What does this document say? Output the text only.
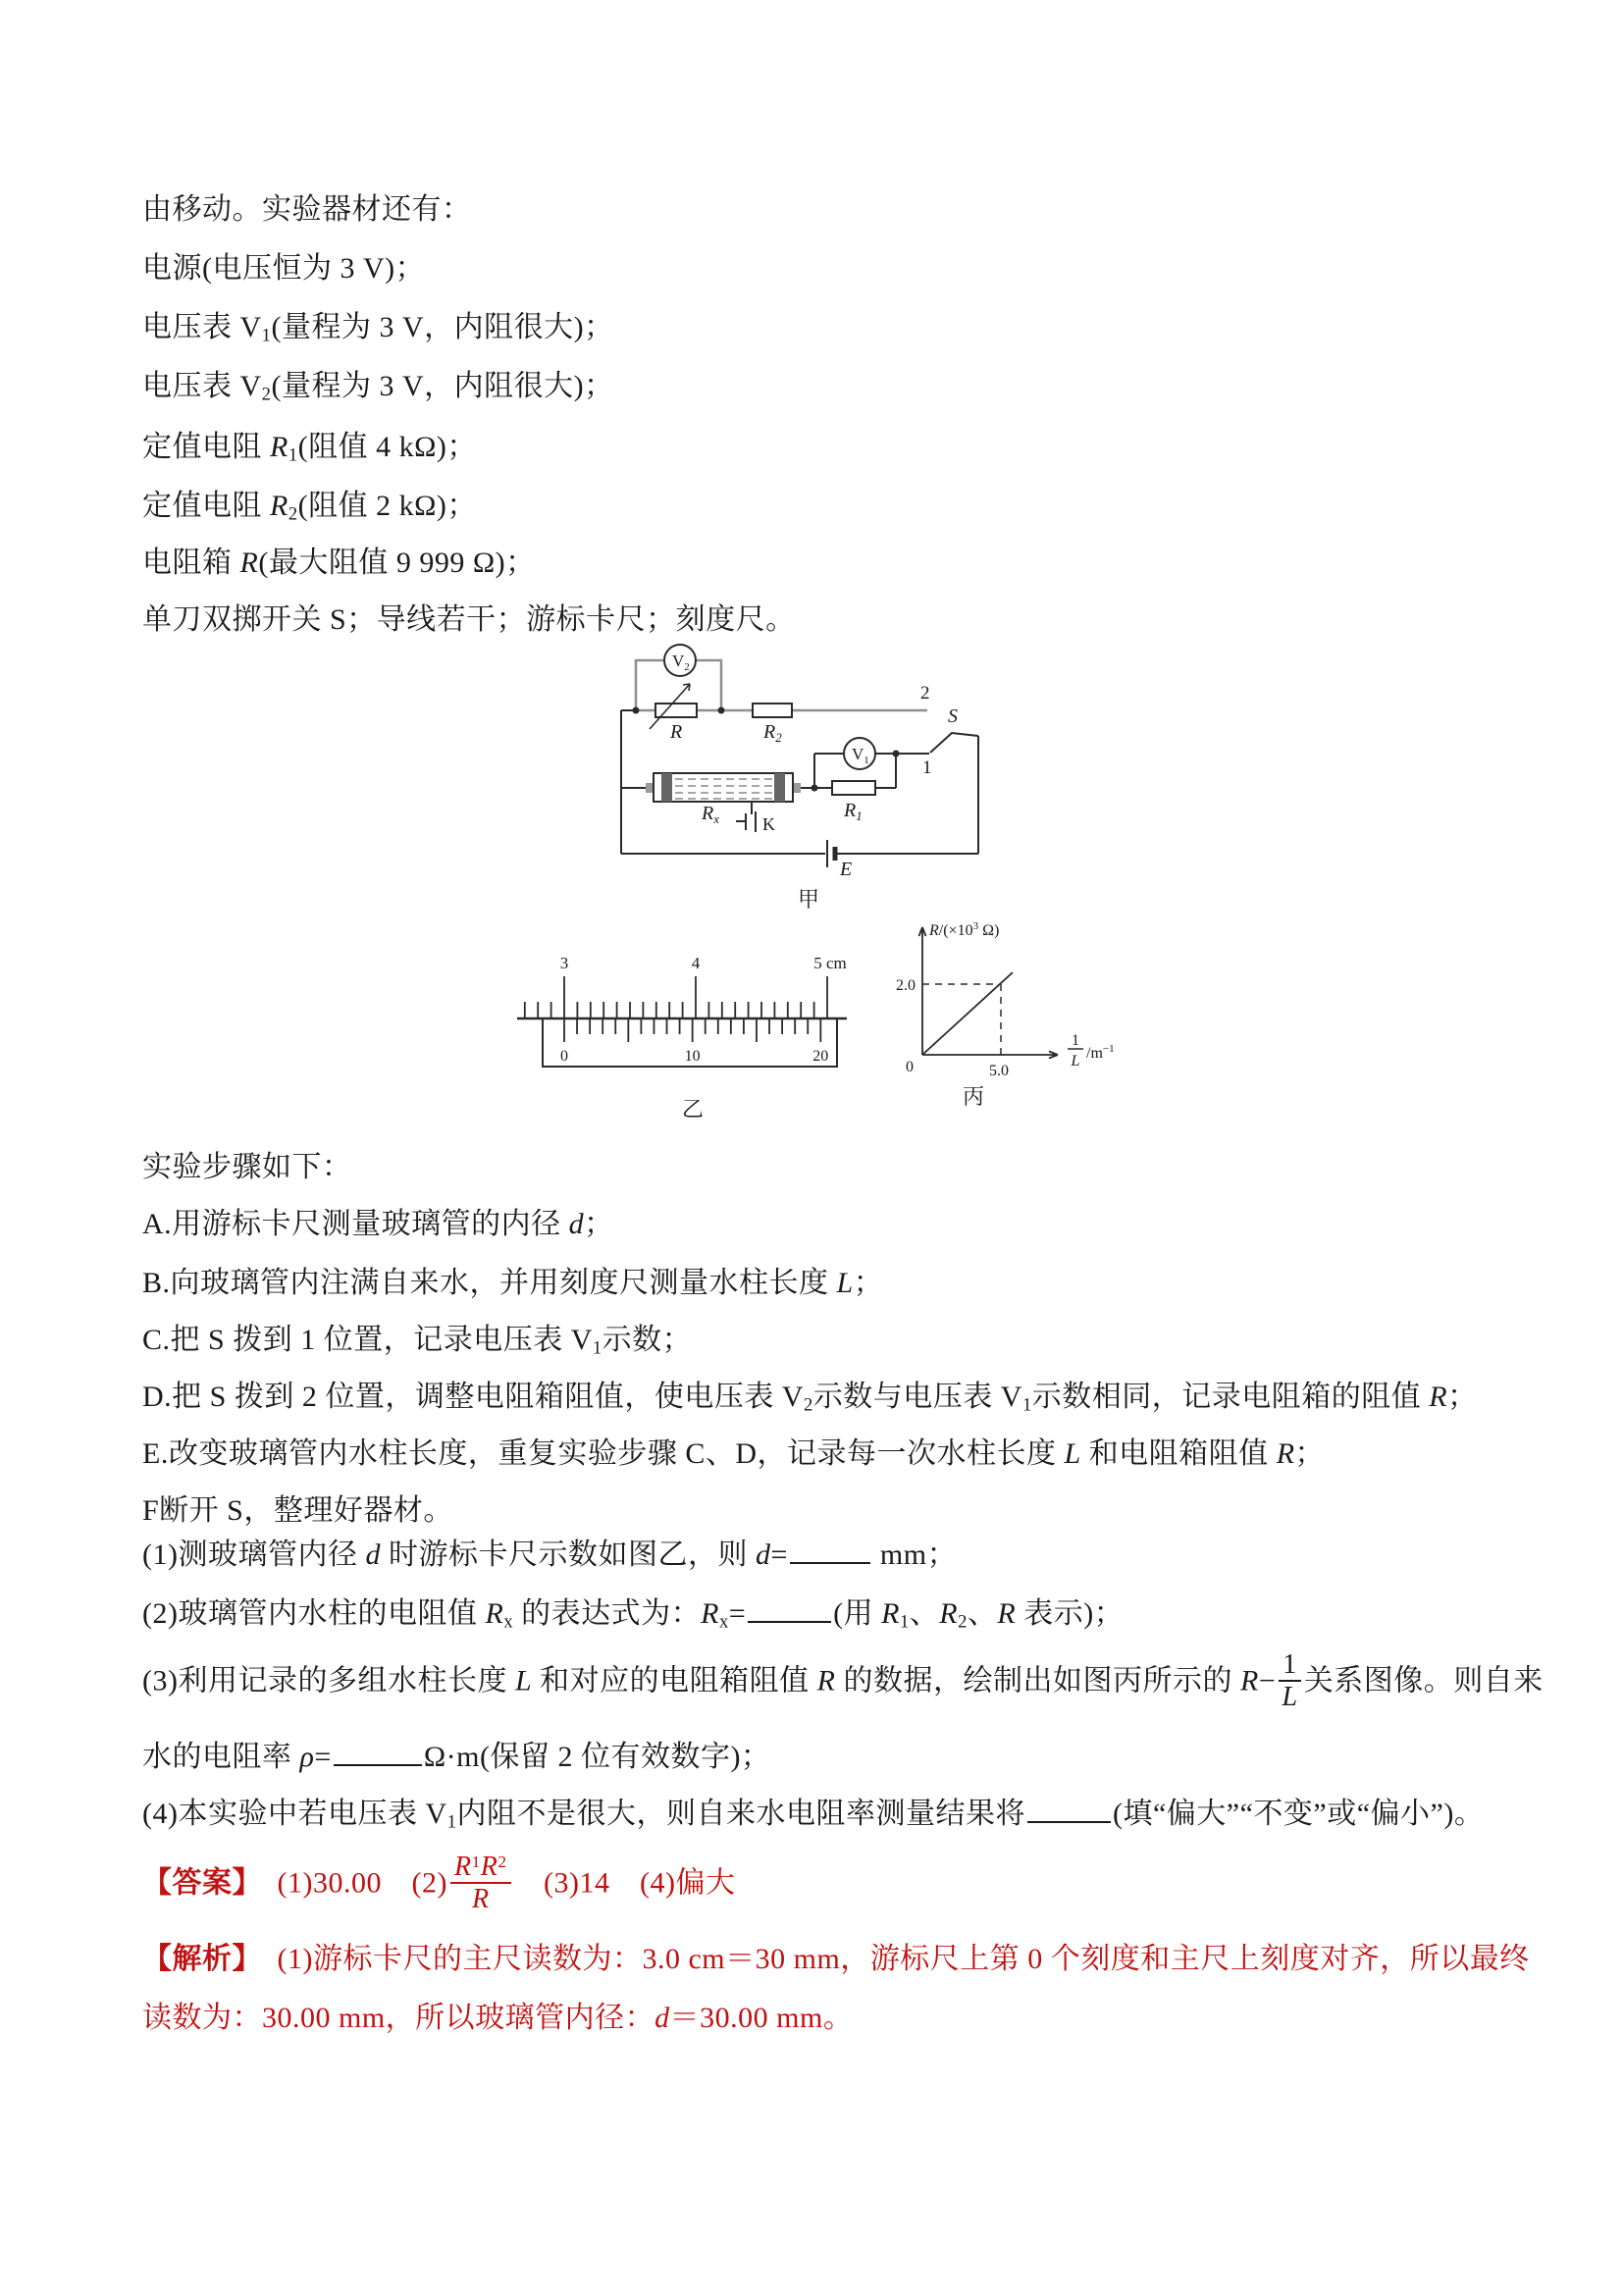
由移动。实验器材还有：
电源(电压恒为 3 V)；
电压表 $V_1$(量程为 3 V，内阻很大)；
电压表 $V_2$(量程为 3 V，内阻很大)；
定值电阻 $R_1$(阻值 4 kΩ)；
定值电阻 $R_2$(阻值 2 kΩ)；
电阻箱 R(最大阻值 9 999 Ω)；
单刀双掷开关 S；导线若干；游标卡尺；刻度尺。
实验步骤如下：
A.用游标卡尺测量玻璃管的内径 d；
B.向玻璃管内注满自来水，并用刻度尺测量水柱长度 L；
C.把 S 拨到 1 位置，记录电压表 $V_1$示数；
D.把 S 拨到 2 位置，调整电阻箱阻值，使电压表 $V_2$示数与电压表 $V_1$示数相同，记录电阻箱的阻值 R；
E.改变玻璃管内水柱长度，重复实验步骤 C、D，记录每一次水柱长度 L 和电阻箱阻值 R；
F断开 S，整理好器材。
(1)测玻璃管内径 d 时游标卡尺示数如图乙，则 d=	mm；
(2)玻璃管内水柱的电阻值 $R_x$ 的表达式为：$R_x=$	(用 $R_1$、$R_2$、R 表示)；
(3)利用记录的多组水柱长度 L 和对应的电阻箱阻值 R 的数据，绘制出如图丙所示的 $R- \frac{1}{L}$ 关系图像。则自来
水的电阻率 ρ=	Ω·m(保留 2 位有效数字)；
(4)本实验中若电压表 $V_1$内阻不是很大，则自来水电阻率测量结果将	(填“偏大”“不变”或“偏小”)。
【答案】　(1)30.00　$(2) \frac{R^1R^2}{R}$ 　(3)14　(4)偏大
【解析】　(1)游标卡尺的主尺读数为：3.0 cm＝30 mm，游标尺上第 0 个刻度和主尺上刻度对齐，所以最终
读数为：30.00 mm，所以玻璃管内径：d＝30.00 mm。
$V_2$
R	$R_2$
$R_x$ K
$R_1$
$V_1$
S
2
1
E
甲
3	4	5 cm
0	10	20
乙
$R/(\times 10^3$ Ω)
2.0
0	5.0
1
L $/m^{-1}$
丙
